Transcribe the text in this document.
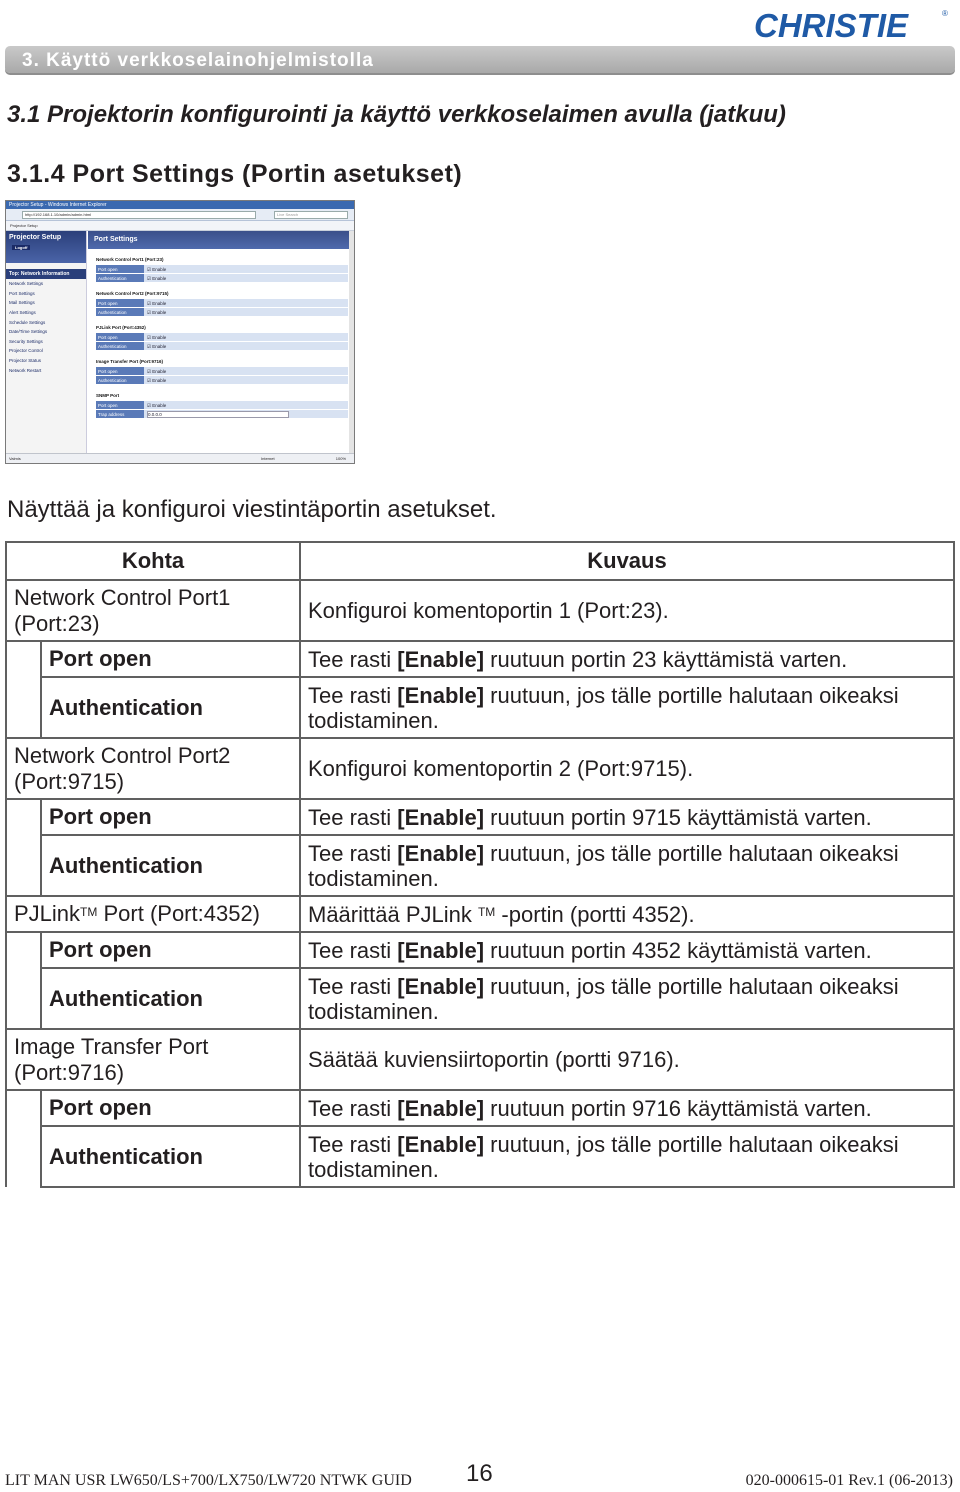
CHRISTIE	®
3. Käyttö verkkoselainohjelmistolla
3.1 Projektorin konfigurointi ja käyttö verkkoselaimen avulla (jatkuu)
3.1.4 Port Settings (Portin asetukset)
Projector Setup - Windows Internet Explorer
http://192.168.1.10/admin/admin.html	Live Search
Projector Setup
Projector Setup
Logoff
Top: Network Information
Network Settings
Port Settings
Mail Settings
Alert Settings
Schedule Settings
Date/Time Settings
Security Settings
Projector Control
Projector Status
Network Restart
Port Settings
Network Control Port1 (Port:23)
Port open	☑ Enable
Authentication	☑ Enable
Network Control Port2 (Port:9715)
Port open	☑ Enable
Authentication	☑ Enable
PJLink Port (Port:4352)
Port open	☑ Enable
Authentication	☑ Enable
Image Transfer Port (Port:9716)
Port open	☑ Enable
Authentication	☑ Enable
SNMP Port
Port open	☑ Enable
Trap address	0.0.0.0
Valmis	Internet	100%
Näyttää ja konfiguroi viestintäportin asetukset.
Kohta		Kuvaus
Network Control Port1 (Port:23)		Konfiguroi komentoportin 1 (Port:23).
	Port open	Tee rasti [Enable] ruutuun portin 23 käyttämistä varten.
	Authentication	Tee rasti [Enable] ruutuun, jos tälle portille halutaan oikeaksi todistaminen.
Network Control Port2 (Port:9715)		Konfiguroi komentoportin 2 (Port:9715).
	Port open	Tee rasti [Enable] ruutuun portin 9715 käyttämistä varten.
	Authentication	Tee rasti [Enable] ruutuun, jos tälle portille halutaan oikeaksi todistaminen.
PJLink™ Port (Port:4352)		Määrittää PJLink ™ -portin (portti 4352).
	Port open	Tee rasti [Enable] ruutuun portin 4352 käyttämistä varten.
	Authentication	Tee rasti [Enable] ruutuun, jos tälle portille halutaan oikeaksi todistaminen.
Image Transfer Port (Port:9716)		Säätää kuviensiirtoportin (portti 9716).
	Port open	Tee rasti [Enable] ruutuun portin 9716 käyttämistä varten.
	Authentication	Tee rasti [Enable] ruutuun, jos tälle portille halutaan oikeaksi todistaminen.
LIT MAN USR LW650/LS+700/LX750/LW720 NTWK GUID 16	020-000615-01 Rev.1 (06-2013)
